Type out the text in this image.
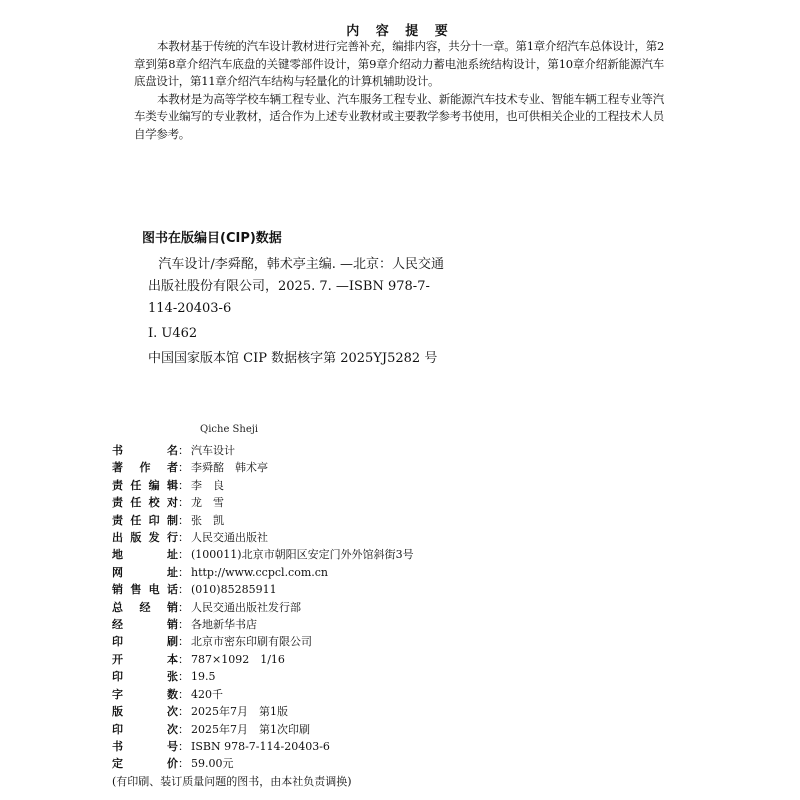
内 容 提 要

本教材基于传统的汽车设计教材进行完善补充，编排内容，共分十一章。第1章介绍汽车总体设计，第2章到第8章介绍汽车底盘的关键零部件设计，第9章介绍动力蓄电池系统结构设计，第10章介绍新能源汽车底盘设计，第11章介绍汽车结构与轻量化的计算机辅助设计。

本教材是为高等学校车辆工程专业、汽车服务工程专业、新能源汽车技术专业、智能车辆工程专业等汽车类专业编写的专业教材，适合作为上述专业教材或主要教学参考书使用，也可供相关企业的工程技术人员自学参考。

图书在版编目(CIP)数据
汽车设计/李舜酩，韩术亭主编. —北京：人民交通出版社股份有限公司，2025. 7. —ISBN 978-7-114-20403-6
Ⅰ. U462
中国国家版本馆 CIP 数据核字第 2025YJ5282 号
Qiche Sheji
书	名 ： 汽车设计
著 作 者 ： 李舜酩　韩术亭
责 任 编 辑 ： 李　良
责 任 校 对 ： 龙　雪
责 任 印 制 ： 张　凯
出 版 发 行 ： 人民交通出版社
地	址 ： (100011)北京市朝阳区安定门外外馆斜街3号
网	址 ： http://www.ccpcl.com.cn
销 售 电 话 ： (010)85285911
总 经 销 ： 人民交通出版社发行部
经	销 ： 各地新华书店
印	刷 ： 北京市密东印刷有限公司
开	本 ： 787×1092　1/16
印	张 ： 19.5
字	数 ： 420千
版	次 ： 2025年7月　第1版
印	次 ： 2025年7月　第1次印刷
书	号 ： ISBN 978-7-114-20403-6
定	价 ： 59.00元
(有印刷、装订质量问题的图书，由本社负责调换)
